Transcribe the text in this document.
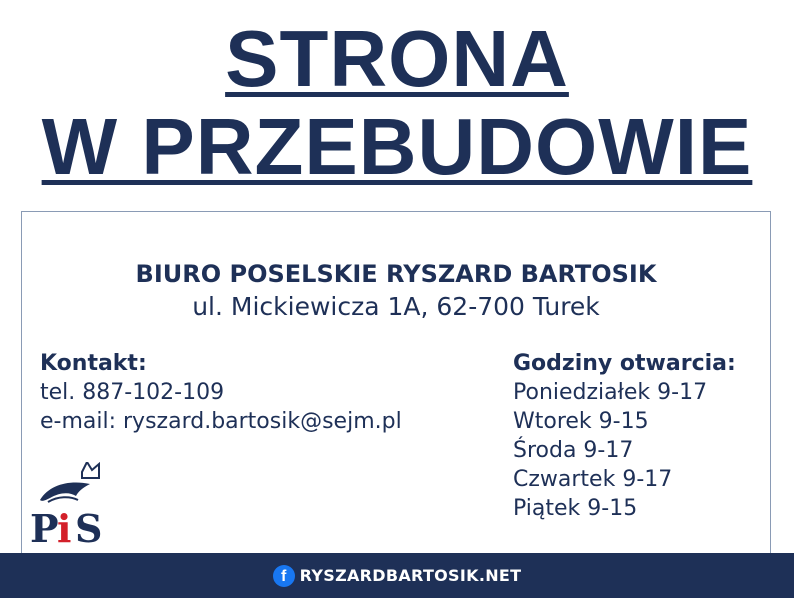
STRONA
W PRZEBUDOWIE

BIURO POSELSKIE RYSZARD BARTOSIK

ul. Mickiewicza 1A, 62-700 Turek

Kontakt:
tel. 887-102-109
e-mail: ryszard.bartosik@sejm.pl
Godziny otwarcia:
Poniedziałek 9-17
Wtorek 9-15
Środa 9-17
Czwartek 9-17
Piątek 9-15
P
i S
f RYSZARDBARTOSIK.NET
